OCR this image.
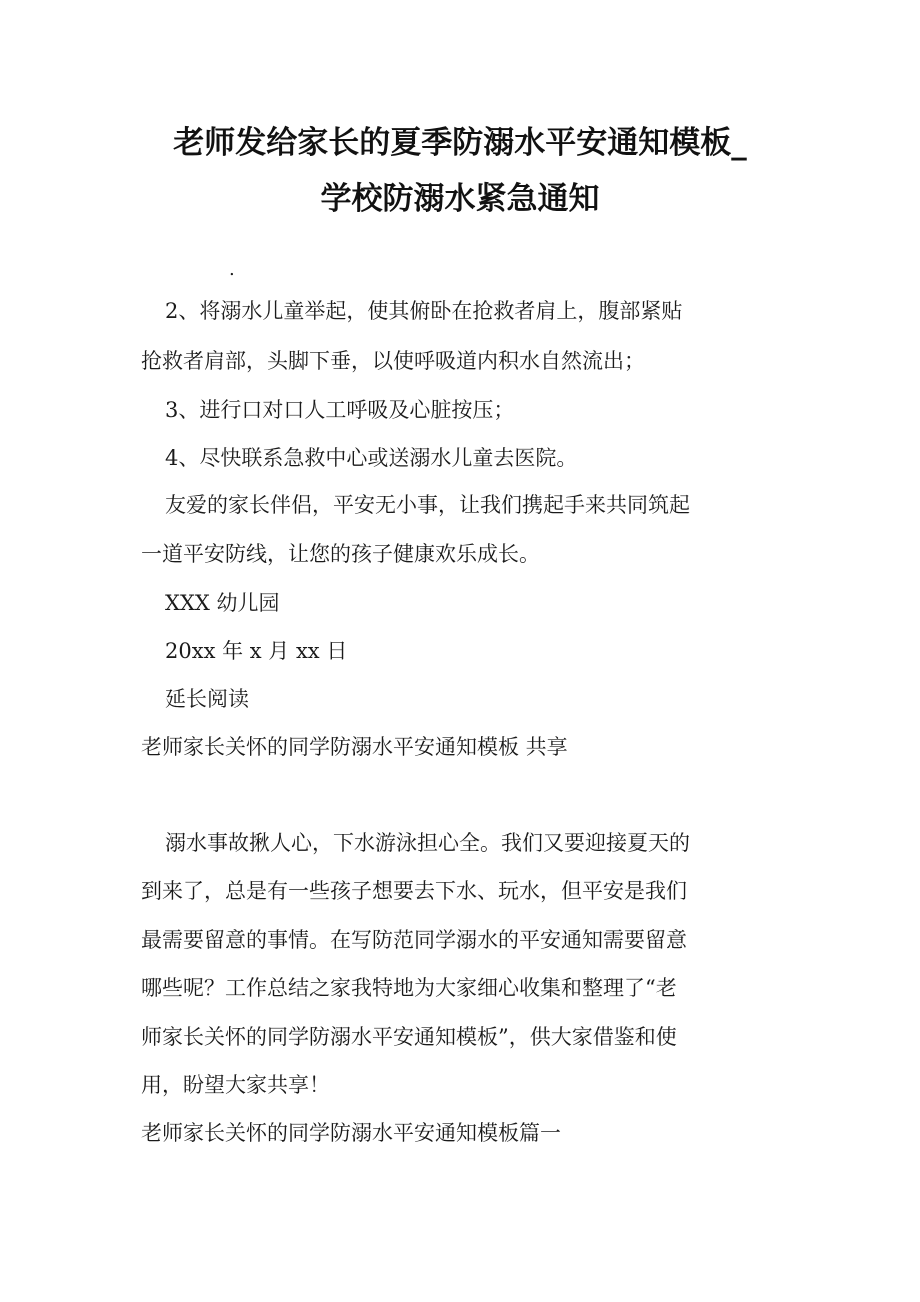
老师发给家长的夏季防溺水平安通知模板_
学校防溺水紧急通知
.
2、将溺水儿童举起，使其俯卧在抢救者肩上，腹部紧贴
抢救者肩部，头脚下垂，以使呼吸道内积水自然流出；
3、进行口对口人工呼吸及心脏按压；
4、尽快联系急救中心或送溺水儿童去医院。
友爱的家长伴侣，平安无小事，让我们携起手来共同筑起
一道平安防线，让您的孩子健康欢乐成长。
XXX 幼儿园
20xx 年 x 月 xx 日
延长阅读
老师家长关怀的同学防溺水平安通知模板 共享
溺水事故揪人心，下水游泳担心全。我们又要迎接夏天的
到来了，总是有一些孩子想要去下水、玩水，但平安是我们
最需要留意的事情。在写防范同学溺水的平安通知需要留意
哪些呢？工作总结之家我特地为大家细心收集和整理了“老
师家长关怀的同学防溺水平安通知模板”，供大家借鉴和使
用，盼望大家共享！
老师家长关怀的同学防溺水平安通知模板篇一
